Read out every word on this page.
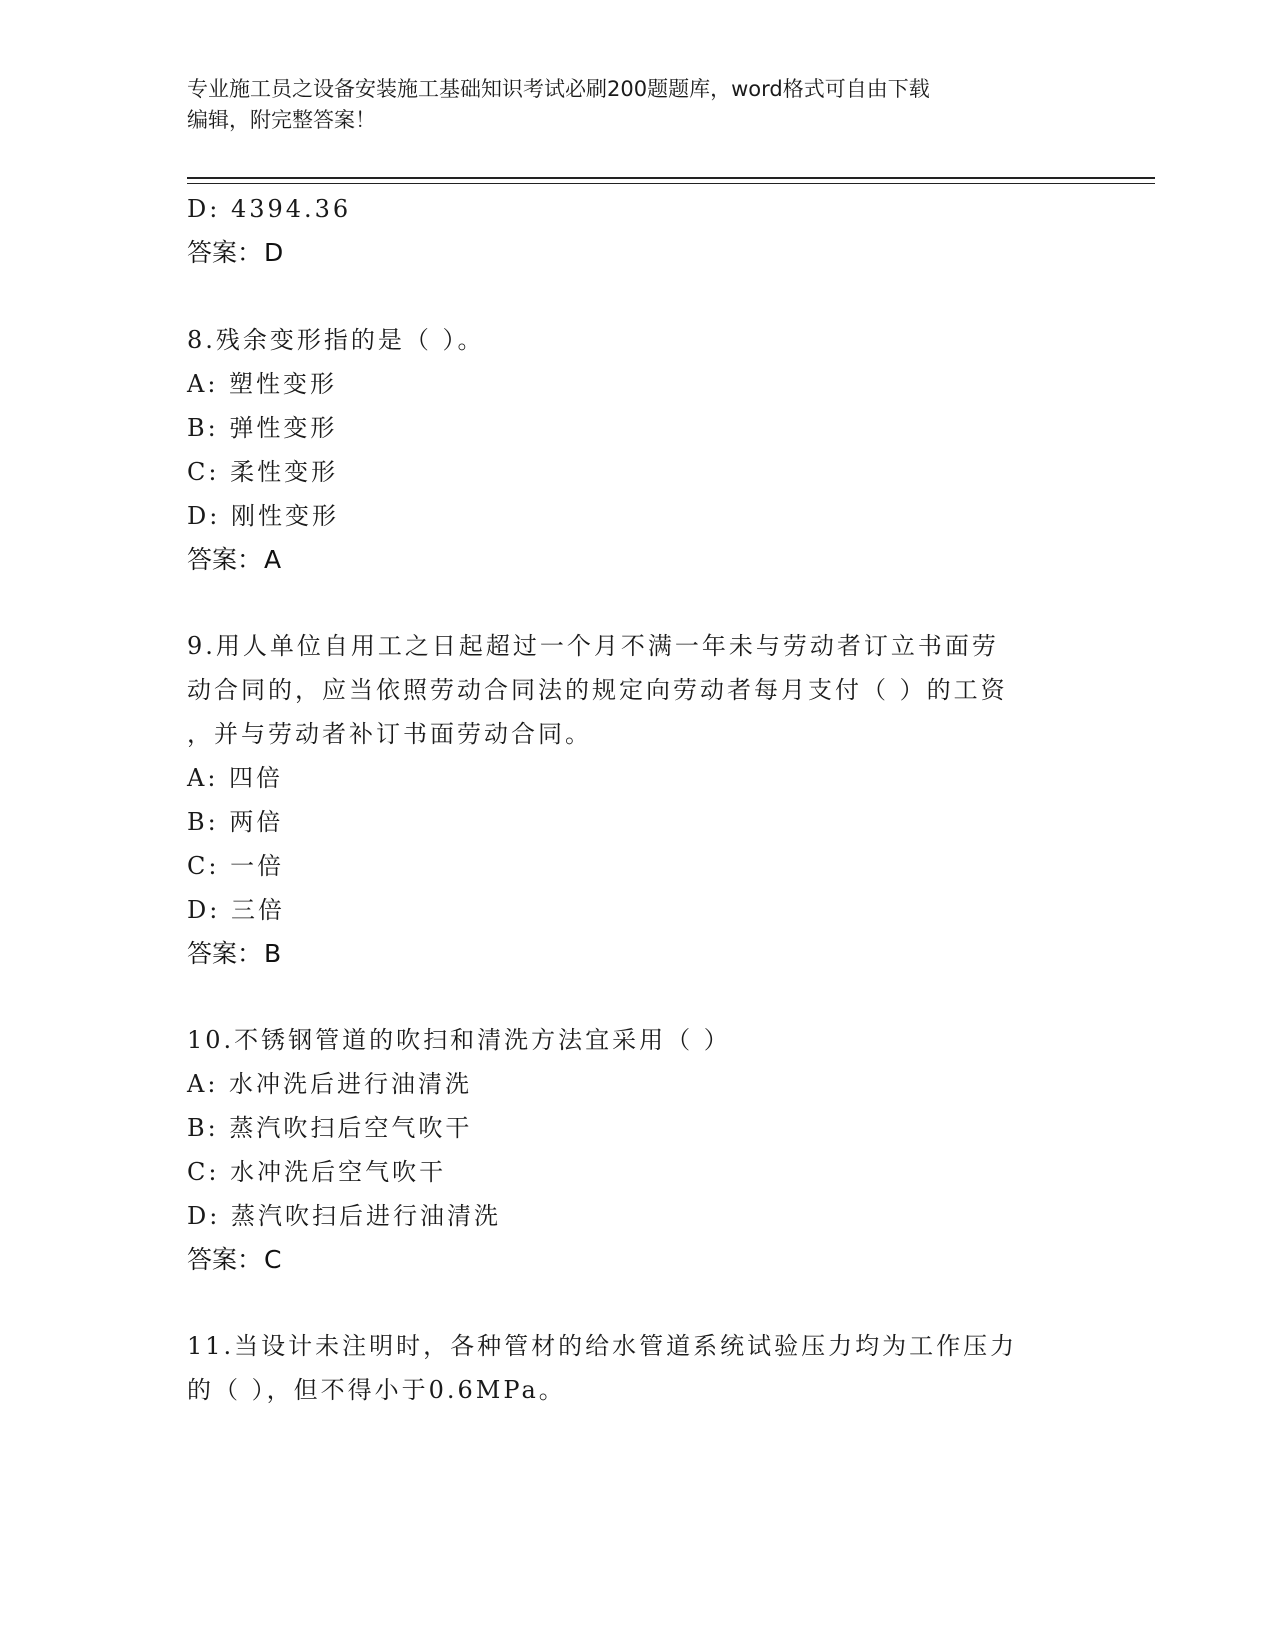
专业施工员之设备安装施工基础知识考试必刷200题题库，word格式可自由下载
编辑，附完整答案！
D: 4394.36
答案：D
8.残余变形指的是（ ）。
A: 塑性变形
B: 弹性变形
C: 柔性变形
D: 刚性变形
答案：A
9.用人单位自用工之日起超过一个月不满一年未与劳动者订立书面劳
动合同的，应当依照劳动合同法的规定向劳动者每月支付（ ）的工资
，并与劳动者补订书面劳动合同。
A: 四倍
B: 两倍
C: 一倍
D: 三倍
答案：B
10.不锈钢管道的吹扫和清洗方法宜采用（ ）
A: 水冲洗后进行油清洗
B: 蒸汽吹扫后空气吹干
C: 水冲洗后空气吹干
D: 蒸汽吹扫后进行油清洗
答案：C
11.当设计未注明时，各种管材的给水管道系统试验压力均为工作压力
的（ ），但不得小于0.6MPa。
